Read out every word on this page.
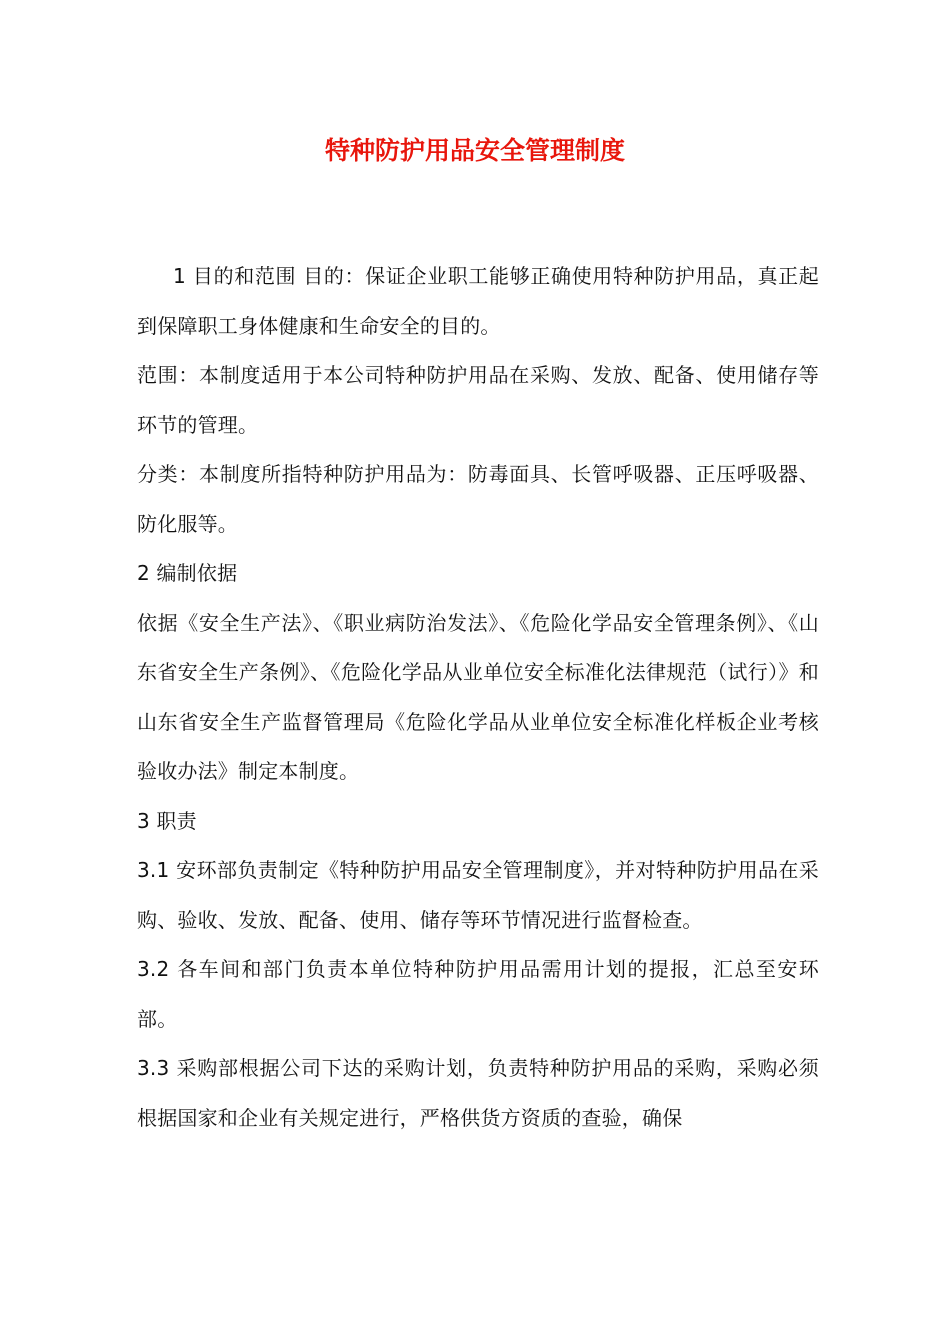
特种防护用品安全管理制度

1 目的和范围 目的：保证企业职工能够正确使用特种防护用品，真正起到保障职工身体健康和生命安全的目的。

范围：本制度适用于本公司特种防护用品在采购、发放、配备、使用储存等环节的管理。

分类：本制度所指特种防护用品为：防毒面具、长管呼吸器、正压呼吸器、防化服等。

2 编制依据

依据《安全生产法》、《职业病防治发法》、《危险化学品安全管理条例》、《山东省安全生产条例》、《危险化学品从业单位安全标准化法律规范（试行）》和山东省安全生产监督管理局《危险化学品从业单位安全标准化样板企业考核验收办法》制定本制度。

3 职责

3.1 安环部负责制定《特种防护用品安全管理制度》，并对特种防护用品在采购、验收、发放、配备、使用、储存等环节情况进行监督检查。

3.2 各车间和部门负责本单位特种防护用品需用计划的提报，汇总至安环部。

3.3 采购部根据公司下达的采购计划，负责特种防护用品的采购，采购必须根据国家和企业有关规定进行，严格供货方资质的查验，确保
